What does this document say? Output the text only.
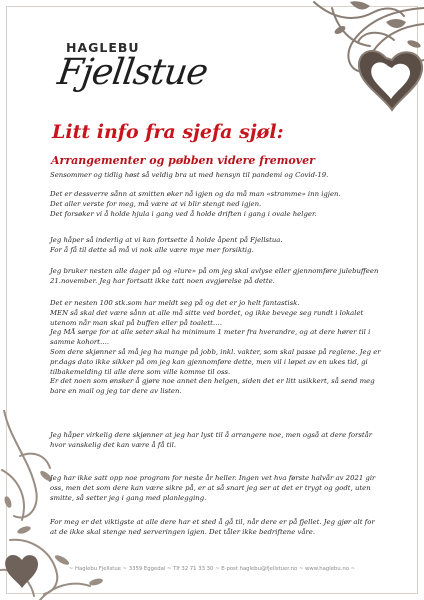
HAGLEBU
Fjellstue
Litt info fra sjefa sjøl:
Arrangementer og pøbben videre fremover

Sensommer og tidlig høst så veldig bra ut med hensyn til pandemi og Covid-19.

Det er dessverre sånn at smitten øker nå igjen og da må man «stramme» inn igjen.
Det aller verste for meg, må være at vi blir stengt ned igjen.
Det forsøker vi å holde hjula i gang ved å holde driften i gang i ovale helger.

Jeg håper så inderlig at vi kan fortsette å holde åpent på Fjellstua.
For å få til dette så må vi nok alle være mye mer forsiktig.

Jeg bruker nesten alle dager på og «lure» på om jeg skal avlyse eller gjennomføre julebuffeen
21.november. Jeg har fortsatt ikke tatt noen avgjørelse på dette.

Det er nesten 100 stk.som har meldt seg på og det er jo helt fantastisk.
MEN så skal det være sånn at alle må sitte ved bordet, og ikke bevege seg rundt i lokalet
utenom når man skal på buffen eller på toalett….
Jeg MÅ sørge for at alle seter skal ha minimum 1 meter fra hverandre, og at dere hører til i
samme kohort….
Som dere skjønner så må jeg ha mange på jobb, inkl. vakter, som skal passe på reglene. Jeg er
pr.dags dato ikke sikker på om jeg kan gjennomføre dette, men vil i løpet av en ukes tid, gi
tilbakemelding til alle dere som ville komme til oss.
Er det noen som ønsker å gjøre noe annet den helgen, siden det er litt usikkert, så send meg
bare en mail og jeg tar dere av listen.

Jeg håper virkelig dere skjønner at jeg har lyst til å arrangere noe, men også at dere forstår
hvor vanskelig det kan være å få til.

Jeg har ikke satt opp noe program for neste år heller. Ingen vet hva første halvår av 2021 gir
oss, men det som dere kan være sikre på, er at så snart jeg ser at det er trygt og godt, uten
smitte, så setter jeg i gang med planlegging.

For meg er det viktigste at alle dere har et sted å gå til, når dere er på fjellet. Jeg gjør alt for
at de ikke skal stenge ned serveringen igjen. Det tåler ikke bedriftene våre.

~ Haglebu Fjellstue ~ 3359 Eggedal ~ Tlf 32 71 33 30 ~ E-post haglebu@fjellstuer.no ~ www.haglebu.no ~
